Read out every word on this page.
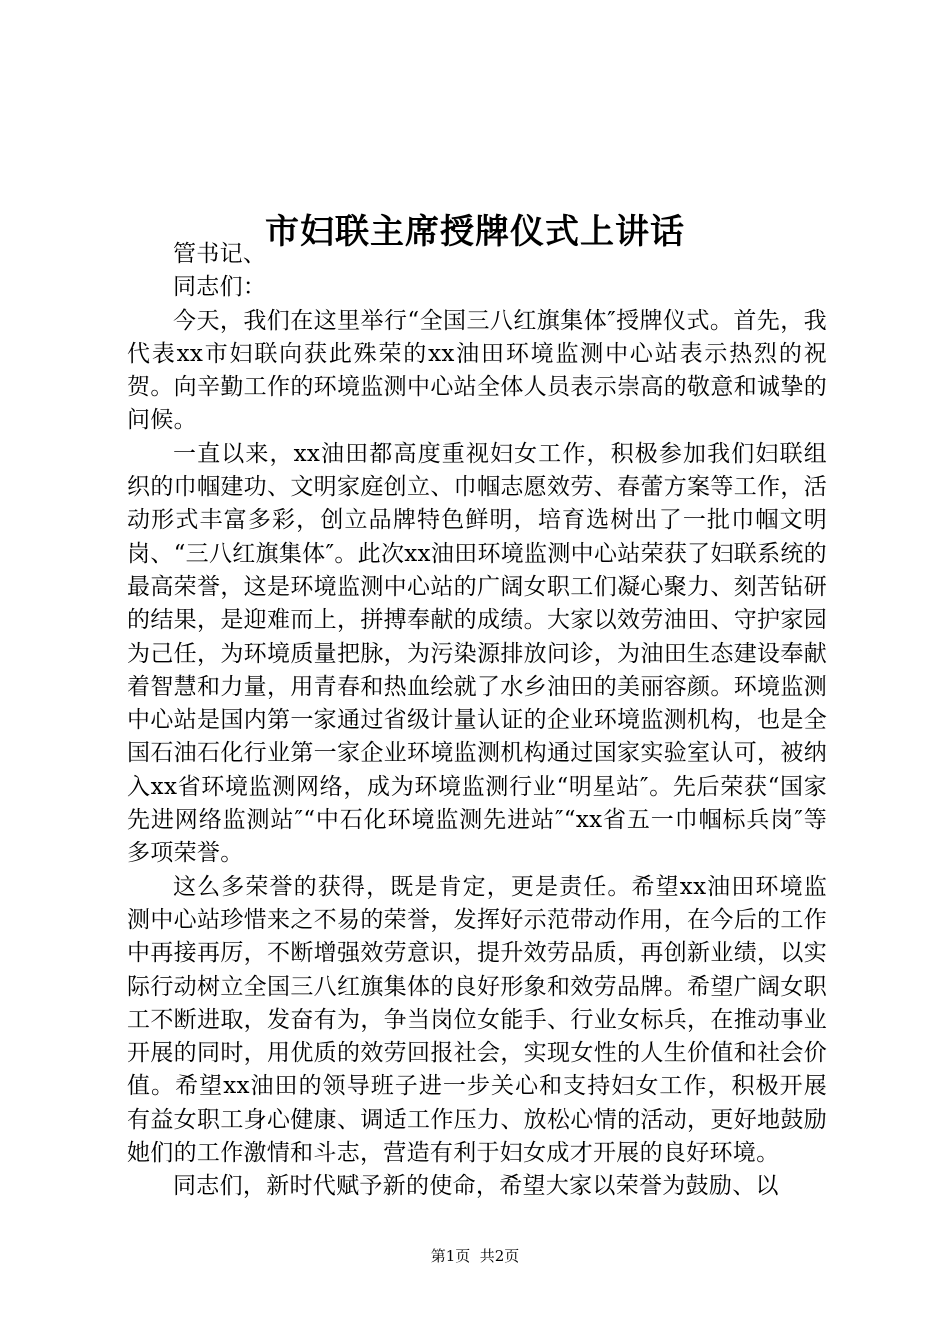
市妇联主席授牌仪式上讲话

管书记、

同志们：

今天，我们在这里举行“全国三八红旗集体″授牌仪式。首先，我代表xx市妇联向获此殊荣的xx油田环境监测中心站表示热烈的祝贺。向辛勤工作的环境监测中心站全体人员表示崇高的敬意和诚挚的问候。

一直以来，xx油田都高度重视妇女工作，积极参加我们妇联组织的巾帼建功、文明家庭创立、巾帼志愿效劳、春蕾方案等工作，活动形式丰富多彩，创立品牌特色鲜明，培育选树出了一批巾帼文明岗、“三八红旗集体″。此次xx油田环境监测中心站荣获了妇联系统的最高荣誉，这是环境监测中心站的广阔女职工们凝心聚力、刻苦钻研的结果，是迎难而上，拼搏奉献的成绩。大家以效劳油田、守护家园为己任，为环境质量把脉，为污染源排放问诊，为油田生态建设奉献着智慧和力量，用青春和热血绘就了水乡油田的美丽容颜。环境监测中心站是国内第一家通过省级计量认证的企业环境监测机构，也是全国石油石化行业第一家企业环境监测机构通过国家实验室认可，被纳入xx省环境监测网络，成为环境监测行业“明星站″。先后荣获“国家先进网络监测站″“中石化环境监测先进站″“xx省五一巾帼标兵岗″等多项荣誉。

这么多荣誉的获得，既是肯定，更是责任。希望xx油田环境监测中心站珍惜来之不易的荣誉，发挥好示范带动作用，在今后的工作中再接再厉，不断增强效劳意识，提升效劳品质，再创新业绩，以实际行动树立全国三八红旗集体的良好形象和效劳品牌。希望广阔女职工不断进取，发奋有为，争当岗位女能手、行业女标兵，在推动事业开展的同时，用优质的效劳回报社会，实现女性的人生价值和社会价值。希望xx油田的领导班子进一步关心和支持妇女工作，积极开展有益女职工身心健康、调适工作压力、放松心情的活动，更好地鼓励她们的工作激情和斗志，营造有利于妇女成才开展的良好环境。

同志们，新时代赋予新的使命，希望大家以荣誉为鼓励、以

第1页  共2页
